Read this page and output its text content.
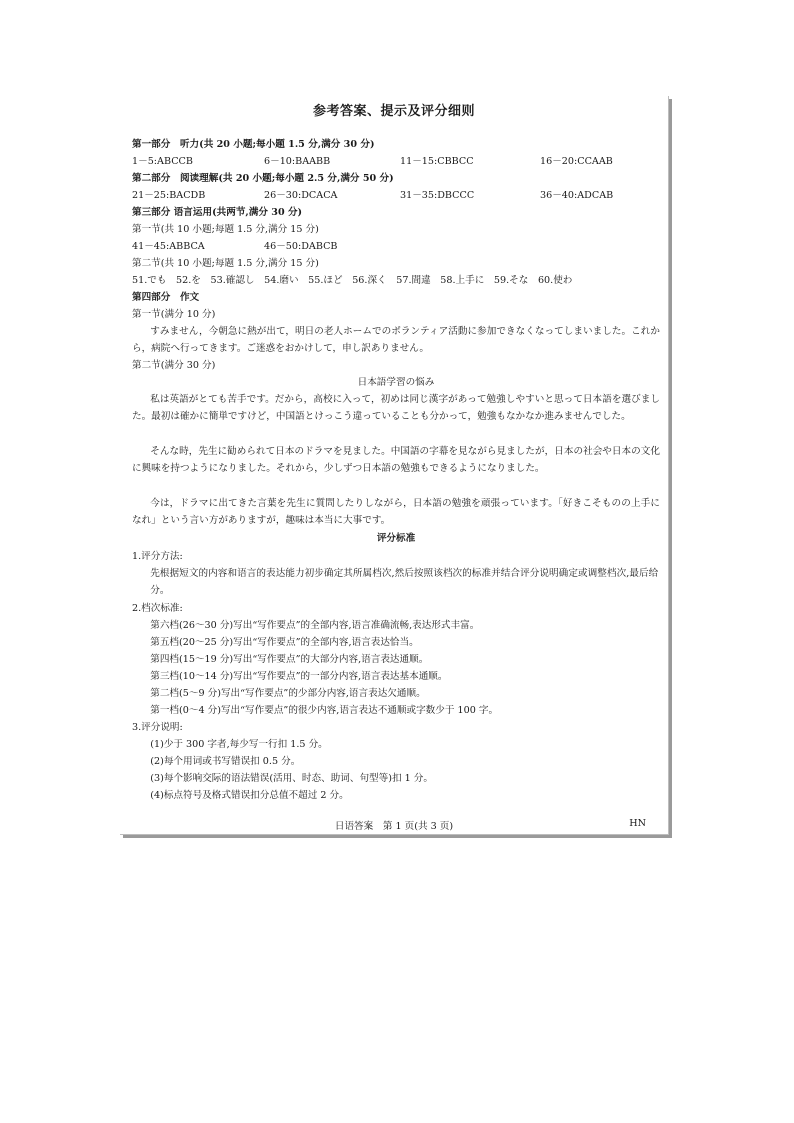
参考答案、提示及评分细则
第一部分　听力(共 20 小题;每小题 1.5 分,满分 30 分)
1－5:ABCCB	6－10:BAABB	11－15:CBBCC	16－20:CCAAB
第二部分　阅读理解(共 20 小题;每小题 2.5 分,满分 50 分)
21－25:BACDB	26－30:DCACA	31－35:DBCCC	36－40:ADCAB
第三部分 语言运用(共两节,满分 30 分)
第一节(共 10 小题;每题 1.5 分,满分 15 分)
41－45:ABBCA	46－50:DABCB
第二节(共 10 小题;每题 1.5 分,满分 15 分)
51.でも　52.を　53.確認し　54.磨い　55.ほど　56.深く　57.間違　58.上手に　59.そな　60.使わ
第四部分　作文
第一节(满分 10 分)
すみません，今朝急に熱が出て，明日の老人ホームでのボランティア活動に参加できなくなってしまいました。これから，病院へ行ってきます。ご迷惑をおかけして，申し訳ありません。
第二节(满分 30 分)
日本語学習の悩み
私は英語がとても苦手です。だから，高校に入って，初めは同じ漢字があって勉強しやすいと思って日本語を選びました。最初は確かに簡単ですけど，中国語とけっこう違っていることも分かって，勉強もなかなか進みませんでした。
そんな時，先生に勧められて日本のドラマを見ました。中国語の字幕を見ながら見ましたが，日本の社会や日本の文化に興味を持つようになりました。それから，少しずつ日本語の勉強もできるようになりました。
今は，ドラマに出てきた言葉を先生に質問したりしながら，日本語の勉強を頑張っています。「好きこそものの上手になれ」という言い方がありますが，趣味は本当に大事です。
评分标准
1.评分方法:
先根据短文的内容和语言的表达能力初步确定其所属档次,然后按照该档次的标准并结合评分说明确定或调整档次,最后给分。
2.档次标准:
第六档(26～30 分)写出“写作要点”的全部内容,语言准确流畅,表达形式丰富。
第五档(20～25 分)写出“写作要点”的全部内容,语言表达恰当。
第四档(15～19 分)写出“写作要点”的大部分内容,语言表达通顺。
第三档(10～14 分)写出“写作要点”的一部分内容,语言表达基本通顺。
第二档(5～9 分)写出“写作要点”的少部分内容,语言表达欠通顺。
第一档(0～4 分)写出“写作要点”的很少内容,语言表达不通顺或字数少于 100 字。
3.评分说明:
(1)少于 300 字者,每少写一行扣 1.5 分。
(2)每个用词或书写错误扣 0.5 分。
(3)每个影响交际的语法错误(活用、时态、助词、句型等)扣 1 分。
(4)标点符号及格式错误扣分总值不超过 2 分。
日语答案　第 1 页(共 3 页)	HN
